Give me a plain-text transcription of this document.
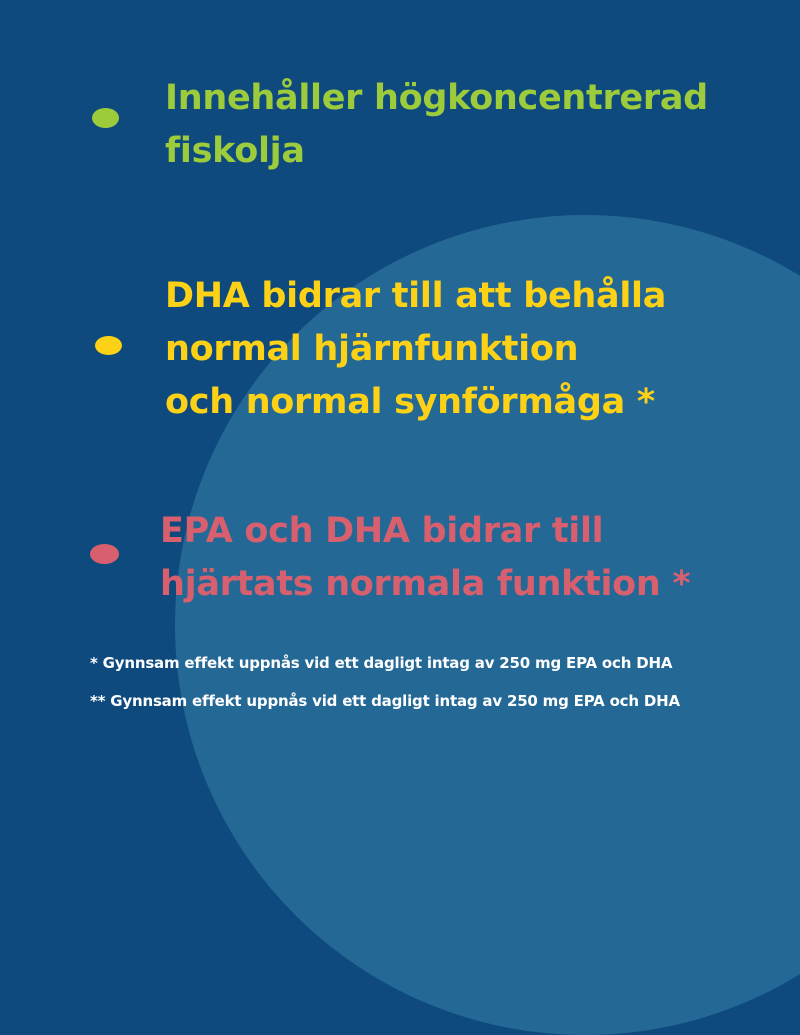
Innehåller högkoncentrerad
fiskolja
DHA bidrar till att behålla
normal hjärnfunktion
och normal synförmåga *
EPA och DHA bidrar till
hjärtats normala funktion *
* Gynnsam effekt uppnås vid ett dagligt intag av 250 mg EPA och DHA
** Gynnsam effekt uppnås vid ett dagligt intag av 250 mg EPA och DHA
